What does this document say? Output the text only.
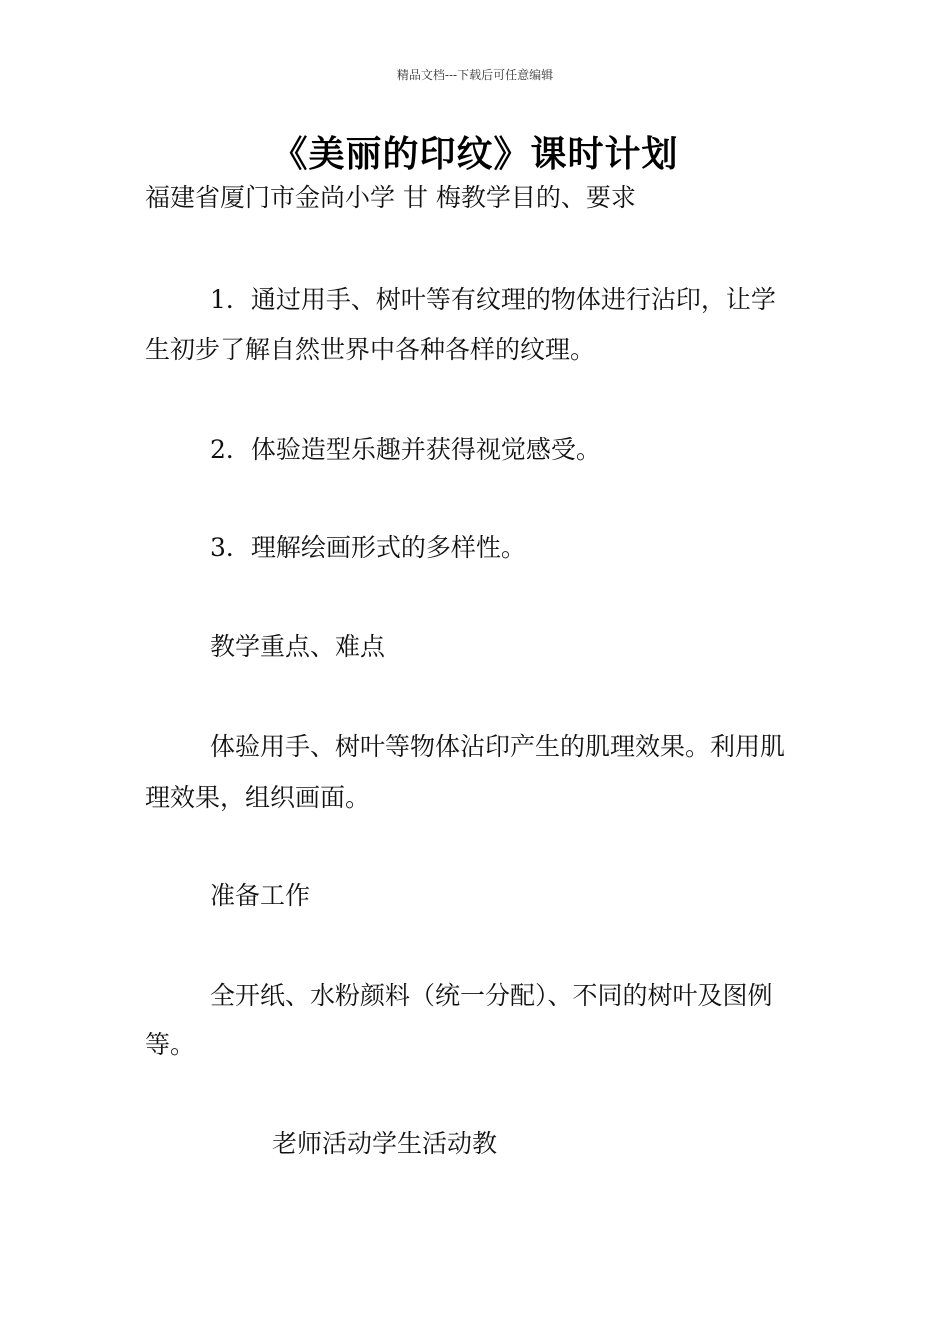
精品文档---下载后可任意编辑
《美丽的印纹》课时计划
福建省厦门市金尚小学 甘 梅教学目的、要求
1．通过用手、树叶等有纹理的物体进行沾印，让学
生初步了解自然世界中各种各样的纹理。
2．体验造型乐趣并获得视觉感受。
3．理解绘画形式的多样性。
教学重点、难点
体验用手、树叶等物体沾印产生的肌理效果。利用肌
理效果，组织画面。
准备工作
全开纸、水粉颜料（统一分配）、不同的树叶及图例
等。
老师活动学生活动教
